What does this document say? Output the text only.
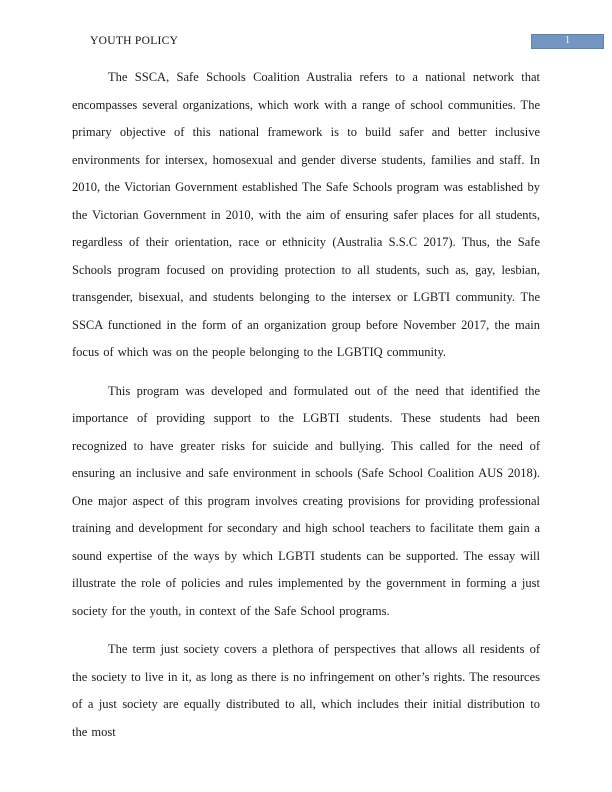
YOUTH POLICY	1

The SSCA, Safe Schools Coalition Australia refers to a national network that encompasses several organizations, which work with a range of school communities. The primary objective of this national framework is to build safer and better inclusive environments for intersex, homosexual and gender diverse students, families and staff. In 2010, the Victorian Government established The Safe Schools program was established by the Victorian Government in 2010, with the aim of ensuring safer places for all students, regardless of their orientation, race or ethnicity (Australia S.S.C 2017). Thus, the Safe Schools program focused on providing protection to all students, such as, gay, lesbian, transgender, bisexual, and students belonging to the intersex or LGBTI community. The SSCA functioned in the form of an organization group before November 2017, the main focus of which was on the people belonging to the LGBTIQ community.

This program was developed and formulated out of the need that identified the importance of providing support to the LGBTI students. These students had been recognized to have greater risks for suicide and bullying. This called for the need of ensuring an inclusive and safe environment in schools (Safe School Coalition AUS 2018). One major aspect of this program involves creating provisions for providing professional training and development for secondary and high school teachers to facilitate them gain a sound expertise of the ways by which LGBTI students can be supported. The essay will illustrate the role of policies and rules implemented by the government in forming a just society for the youth, in context of the Safe School programs.

The term just society covers a plethora of perspectives that allows all residents of the society to live in it, as long as there is no infringement on other’s rights. The resources of a just society are equally distributed to all, which includes their initial distribution to the most
